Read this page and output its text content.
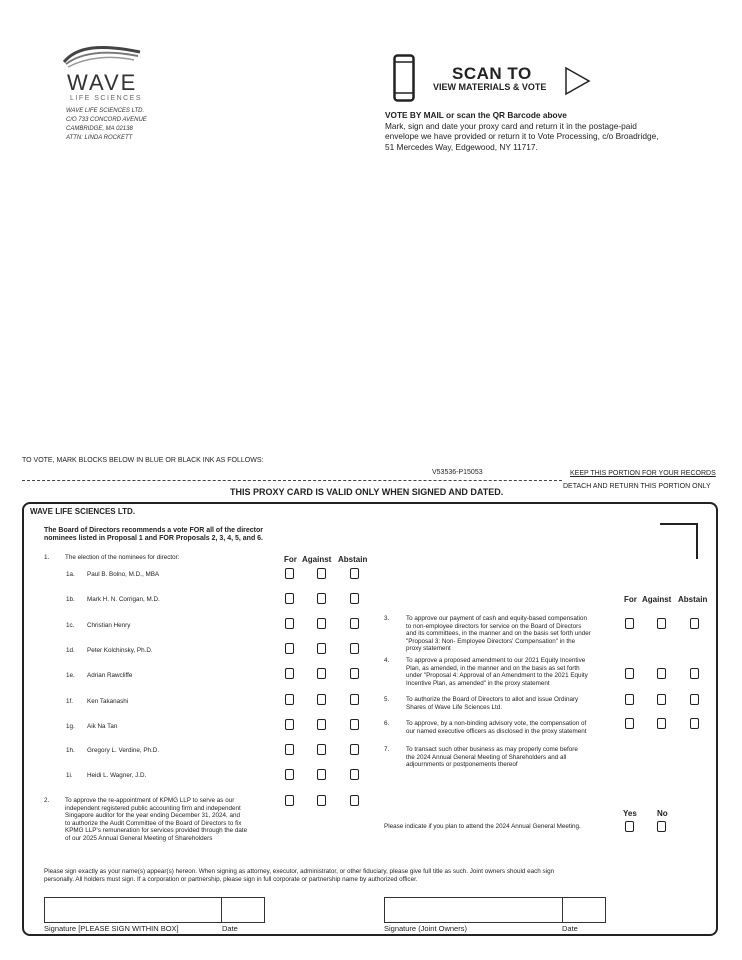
WAVE
LIFE SCIENCES
WAVE LIFE SCIENCES LTD.
C/O 733 CONCORD AVENUE
CAMBRIDGE, MA 02138
ATTN: LINDA ROCKETT
SCAN TO
VIEW MATERIALS & VOTE
VOTE BY MAIL or scan the QR Barcode above
Mark, sign and date your proxy card and return it in the postage-paid
envelope we have provided or return it to Vote Processing, c/o Broadridge,
51 Mercedes Way, Edgewood, NY 11717.
TO VOTE, MARK BLOCKS BELOW IN BLUE OR BLACK INK AS FOLLOWS:
V53536-P15053	KEEP THIS PORTION FOR YOUR RECORDS
DETACH AND RETURN THIS PORTION ONLY
THIS PROXY CARD IS VALID ONLY WHEN SIGNED AND DATED.
WAVE LIFE SCIENCES LTD.
The Board of Directors recommends a vote FOR all of the director
nominees listed in Proposal 1 and FOR Proposals 2, 3, 4, 5, and 6.
For Against Abstain
1. The election of the nominees for director:
1a. Paul B. Bolno, M.D., MBA
1b. Mark H. N. Corrigan, M.D.
1c. Christian Henry
1d. Peter Kolchinsky, Ph.D.
1e. Adrian Rawcliffe
1f. Ken Takanashi
1g. Aik Na Tan
1h. Gregory L. Verdine, Ph.D.
1i. Heidi L. Wagner, J.D.
2. To approve the re-appointment of KPMG LLP to serve as our
independent registered public accounting firm and independent
Singapore auditor for the year ending December 31, 2024, and
to authorize the Audit Committee of the Board of Directors to fix
KPMG LLP's remuneration for services provided through the date
of our 2025 Annual General Meeting of Shareholders
For Against Abstain
3.	To approve our payment of cash and equity-based compensation
to non-employee directors for service on the Board of Directors
and its committees, in the manner and on the basis set forth under
"Proposal 3: Non- Employee Directors' Compensation" in the
proxy statement
4.	To approve a proposed amendment to our 2021 Equity Incentive
Plan, as amended, in the manner and on the basis as set forth
under "Proposal 4: Approval of an Amendment to the 2021 Equity
Incentive Plan, as amended" in the proxy statement
5.	To authorize the Board of Directors to allot and issue Ordinary
Shares of Wave Life Sciences Ltd.
6.	To approve, by a non-binding advisory vote, the compensation of
our named executive officers as disclosed in the proxy statement
7.	To transact such other business as may properly come before
the 2024 Annual General Meeting of Shareholders and all
adjournments or postponements thereof
Yes	No
Please indicate if you plan to attend the 2024 Annual General Meeting.
Please sign exactly as your name(s) appear(s) hereon. When signing as attorney, executor, administrator, or other fiduciary, please give full title as such. Joint owners should each sign
personally. All holders must sign. If a corporation or partnership, please sign in full corporate or partnership name by authorized officer.
Signature [PLEASE SIGN WITHIN BOX]	Date	Signature (Joint Owners)	Date
